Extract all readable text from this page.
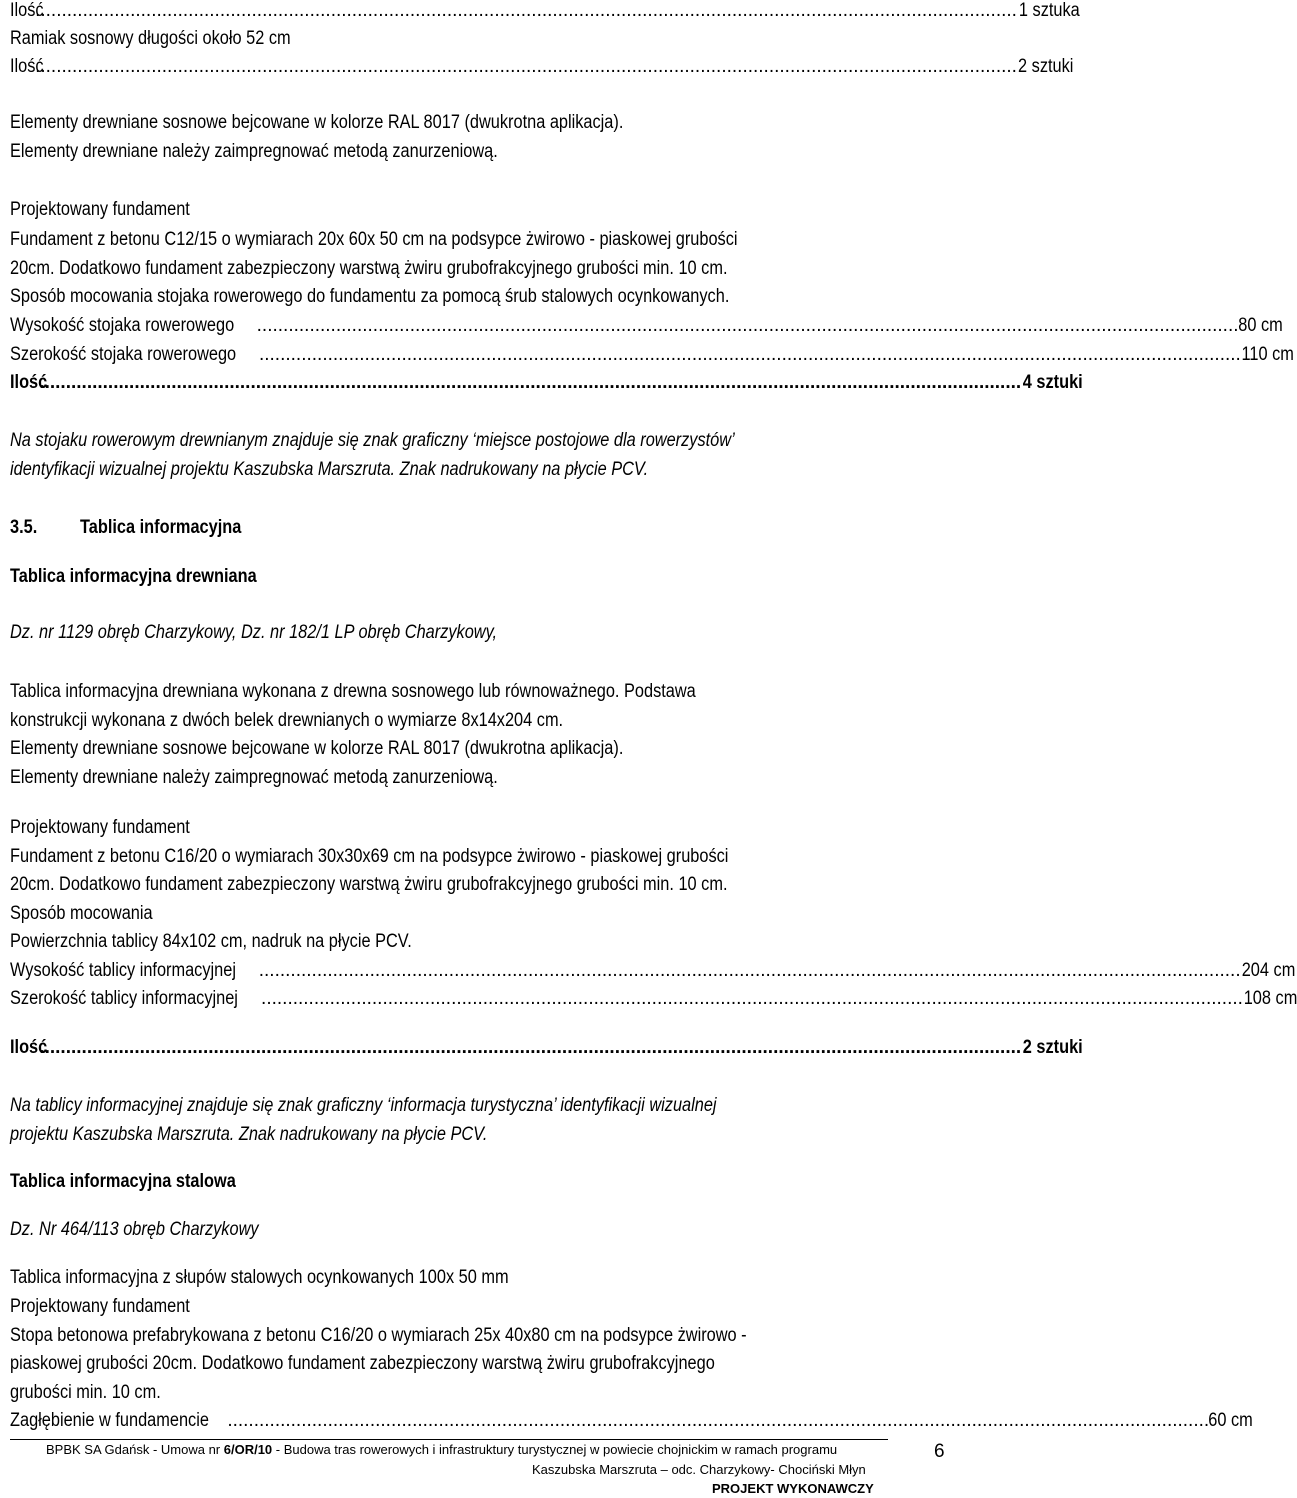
Ilość
.......................................................................................................................................................................................... 1 sztuka
Ramiak sosnowy długości około 52 cm
Ilość
.......................................................................................................................................................................................... 2 sztuki
Elementy drewniane sosnowe bejcowane w kolorze RAL 8017 (dwukrotna aplikacja).
Elementy drewniane należy zaimpregnować metodą zanurzeniową.
Projektowany fundament
Fundament z betonu C12/15 o wymiarach 20x 60x 50 cm na podsypce żwirowo - piaskowej grubości
20cm. Dodatkowo fundament zabezpieczony warstwą żwiru grubofrakcyjnego grubości min. 10 cm.
Sposób mocowania stojaka rowerowego do fundamentu za pomocą śrub stalowych ocynkowanych.
Wysokość stojaka rowerowego .......................................................................................................................................................................................... 80 cm
Szerokość stojaka rowerowego .......................................................................................................................................................................................... 110 cm
Ilość
.......................................................................................................................................................................................... 4 sztuki
Na stojaku rowerowym drewnianym znajduje się znak graficzny ‘miejsce postojowe dla rowerzystów’
identyfikacji wizualnej projektu Kaszubska Marszruta. Znak nadrukowany na płycie PCV.
3.5. Tablica informacyjna
Tablica informacyjna drewniana
Dz. nr 1129 obręb Charzykowy, Dz. nr 182/1 LP obręb Charzykowy,
Tablica informacyjna drewniana wykonana z drewna sosnowego lub równoważnego. Podstawa
konstrukcji wykonana z dwóch belek drewnianych o wymiarze 8x14x204 cm.
Elementy drewniane sosnowe bejcowane w kolorze RAL 8017 (dwukrotna aplikacja).
Elementy drewniane należy zaimpregnować metodą zanurzeniową.
Projektowany fundament
Fundament z betonu C16/20 o wymiarach 30x30x69 cm na podsypce żwirowo - piaskowej grubości
20cm. Dodatkowo fundament zabezpieczony warstwą żwiru grubofrakcyjnego grubości min. 10 cm.
Sposób mocowania
Powierzchnia tablicy 84x102 cm, nadruk na płycie PCV.
Wysokość tablicy informacyjnej .......................................................................................................................................................................................... 204 cm
Szerokość tablicy informacyjnej .......................................................................................................................................................................................... 108 cm
Ilość
.......................................................................................................................................................................................... 2 sztuki
Na tablicy informacyjnej znajduje się znak graficzny ‘informacja turystyczna’ identyfikacji wizualnej
projektu Kaszubska Marszruta. Znak nadrukowany na płycie PCV.
Tablica informacyjna stalowa
Dz. Nr 464/113 obręb Charzykowy
Tablica informacyjna z słupów stalowych ocynkowanych 100x 50 mm
Projektowany fundament
Stopa betonowa prefabrykowana z betonu C16/20 o wymiarach 25x 40x80 cm na podsypce żwirowo -
piaskowej grubości 20cm. Dodatkowo fundament zabezpieczony warstwą żwiru grubofrakcyjnego
grubości min. 10 cm.
Zagłębienie w fundamencie .......................................................................................................................................................................................... 60 cm
BPBK SA Gdańsk - Umowa nr 6/OR/10 - Budowa tras rowerowych i infrastruktury turystycznej w powiecie chojnickim w ramach programu
Kaszubska Marszruta – odc. Charzykowy- Chociński Młyn
PROJEKT WYKONAWCZY
6
